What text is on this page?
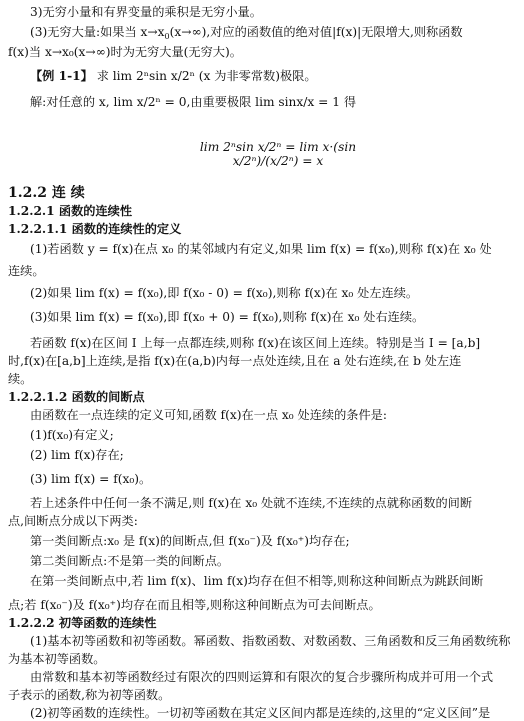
3)无穷小量和有界变量的乘积是无穷小量。
(3)无穷大量:如果当 $x\to x_0(x\to\infty)$,对应的函数值的绝对值|f(x)|无限增大,则称函数
f(x)当 x→x₀(x→∞)时为无穷大量(无穷大)。
【例 1-1】 求 lim 2ⁿsin x/2ⁿ (x 为非零常数)极限。
解:对任意的 x, lim x/2ⁿ = 0,由重要极限 lim sinx/x = 1 得
lim 2ⁿsin x/2ⁿ = lim x·(sin x/2ⁿ)/(x/2ⁿ) = x
1.2.2 连 续
1.2.2.1 函数的连续性
1.2.2.1.1 函数的连续性的定义
(1)若函数 y = f(x)在点 x₀ 的某邻域内有定义,如果 lim f(x) = f(x₀),则称 f(x)在 x₀ 处
连续。
(2)如果 lim f(x) = f(x₀),即 f(x₀ - 0) = f(x₀),则称 f(x)在 x₀ 处左连续。
(3)如果 lim f(x) = f(x₀),即 f(x₀ + 0) = f(x₀),则称 f(x)在 x₀ 处右连续。
若函数 f(x)在区间 I 上每一点都连续,则称 f(x)在该区间上连续。特别是当 I = [a,b]
时,f(x)在[a,b]上连续,是指 f(x)在(a,b)内每一点处连续,且在 a 处右连续,在 b 处左连
续。
1.2.2.1.2 函数的间断点
由函数在一点连续的定义可知,函数 f(x)在一点 x₀ 处连续的条件是:
(1)f(x₀)有定义;
(2) lim f(x)存在;
(3) lim f(x) = f(x₀)。
若上述条件中任何一条不满足,则 f(x)在 x₀ 处就不连续,不连续的点就称函数的间断
点,间断点分成以下两类:
第一类间断点:x₀ 是 f(x)的间断点,但 f(x₀⁻)及 f(x₀⁺)均存在;
第二类间断点:不是第一类的间断点。
在第一类间断点中,若 lim f(x)、lim f(x)均存在但不相等,则称这种间断点为跳跃间断
点;若 f(x₀⁻)及 f(x₀⁺)均存在而且相等,则称这种间断点为可去间断点。
1.2.2.2 初等函数的连续性
(1)基本初等函数和初等函数。幂函数、指数函数、对数函数、三角函数和反三角函数统称
为基本初等函数。
由常数和基本初等函数经过有限次的四则运算和有限次的复合步骤所构成并可用一个式
子表示的函数,称为初等函数。
(2)初等函数的连续性。一切初等函数在其定义区间内都是连续的,这里的“定义区间”是
